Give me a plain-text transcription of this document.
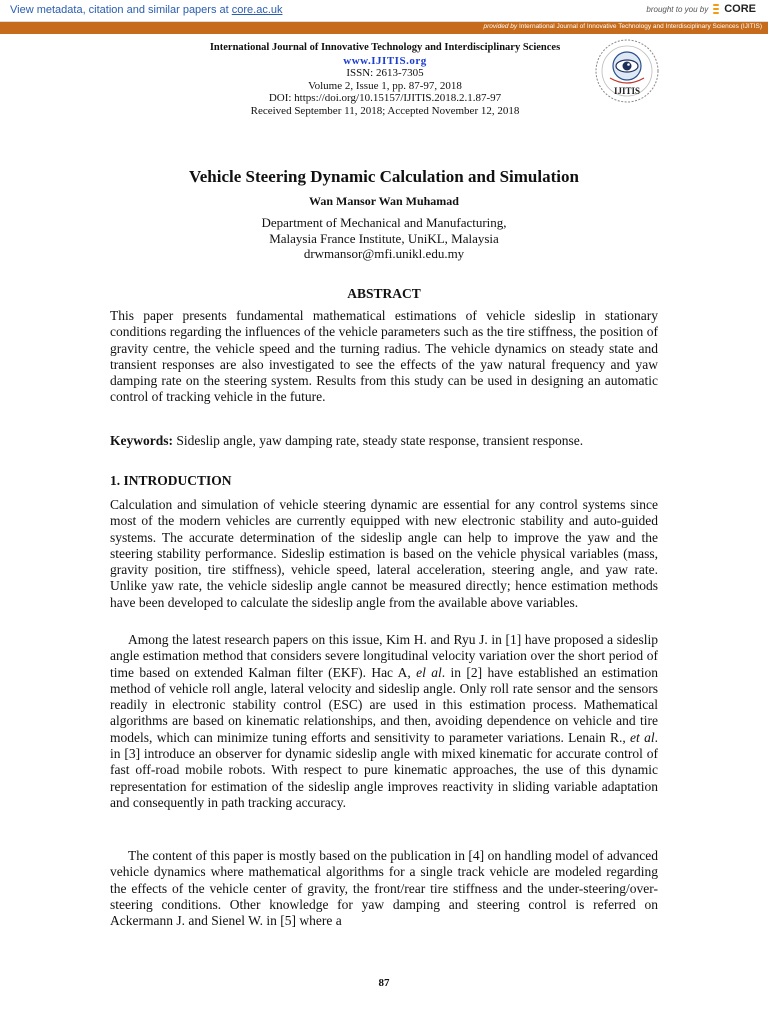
View metadata, citation and similar papers at core.ac.uk	brought to you by CORE
provided by International Journal of Innovative Technology and Interdisciplinary Sciences (IJITIS)
International Journal of Innovative Technology and Interdisciplinary Sciences
www.IJITIS.org
ISSN: 2613-7305
Volume 2, Issue 1, pp. 87-97, 2018
DOI: https://doi.org/10.15157/IJITIS.2018.2.1.87-97
Received September 11, 2018; Accepted November 12, 2018
IJITIS
Vehicle Steering Dynamic Calculation and Simulation
Wan Mansor Wan Muhamad
Department of Mechanical and Manufacturing,
Malaysia France Institute, UniKL, Malaysia
drwmansor@mfi.unikl.edu.my
ABSTRACT
This paper presents fundamental mathematical estimations of vehicle sideslip in stationary conditions regarding the influences of the vehicle parameters such as the tire stiffness, the position of gravity centre, the vehicle speed and the turning radius. The vehicle dynamics on steady state and transient responses are also investigated to see the effects of the yaw natural frequency and yaw damping rate on the steering system. Results from this study can be used in designing an automatic control of tracking vehicle in the future.
Keywords: Sideslip angle, yaw damping rate, steady state response, transient response.
1. INTRODUCTION
Calculation and simulation of vehicle steering dynamic are essential for any control systems since most of the modern vehicles are currently equipped with new electronic stability and auto-guided systems. The accurate determination of the sideslip angle can help to improve the yaw and the steering stability performance. Sideslip estimation is based on the vehicle physical variables (mass, gravity position, tire stiffness), vehicle speed, lateral acceleration, steering angle, and yaw rate. Unlike yaw rate, the vehicle sideslip angle cannot be measured directly; hence estimation methods have been developed to calculate the sideslip angle from the available above variables.
Among the latest research papers on this issue, Kim H. and Ryu J. in [1] have proposed a sideslip angle estimation method that considers severe longitudinal velocity variation over the short period of time based on extended Kalman filter (EKF). Hac A, el al. in [2] have established an estimation method of vehicle roll angle, lateral velocity and sideslip angle. Only roll rate sensor and the sensors readily in electronic stability control (ESC) are used in this estimation process. Mathematical algorithms are based on kinematic relationships, and then, avoiding dependence on vehicle and tire models, which can minimize tuning efforts and sensitivity to parameter variations. Lenain R., et al. in [3] introduce an observer for dynamic sideslip angle with mixed kinematic for accurate control of fast off-road mobile robots. With respect to pure kinematic approaches, the use of this dynamic representation for estimation of the sideslip angle improves reactivity in sliding variable adaptation and consequently in path tracking accuracy.
The content of this paper is mostly based on the publication in [4] on handling model of advanced vehicle dynamics where mathematical algorithms for a single track vehicle are modeled regarding the effects of the vehicle center of gravity, the front/rear tire stiffness and the under-steering/over-steering conditions. Other knowledge for yaw damping and steering control is referred on Ackermann J. and Sienel W. in [5] where a
87
